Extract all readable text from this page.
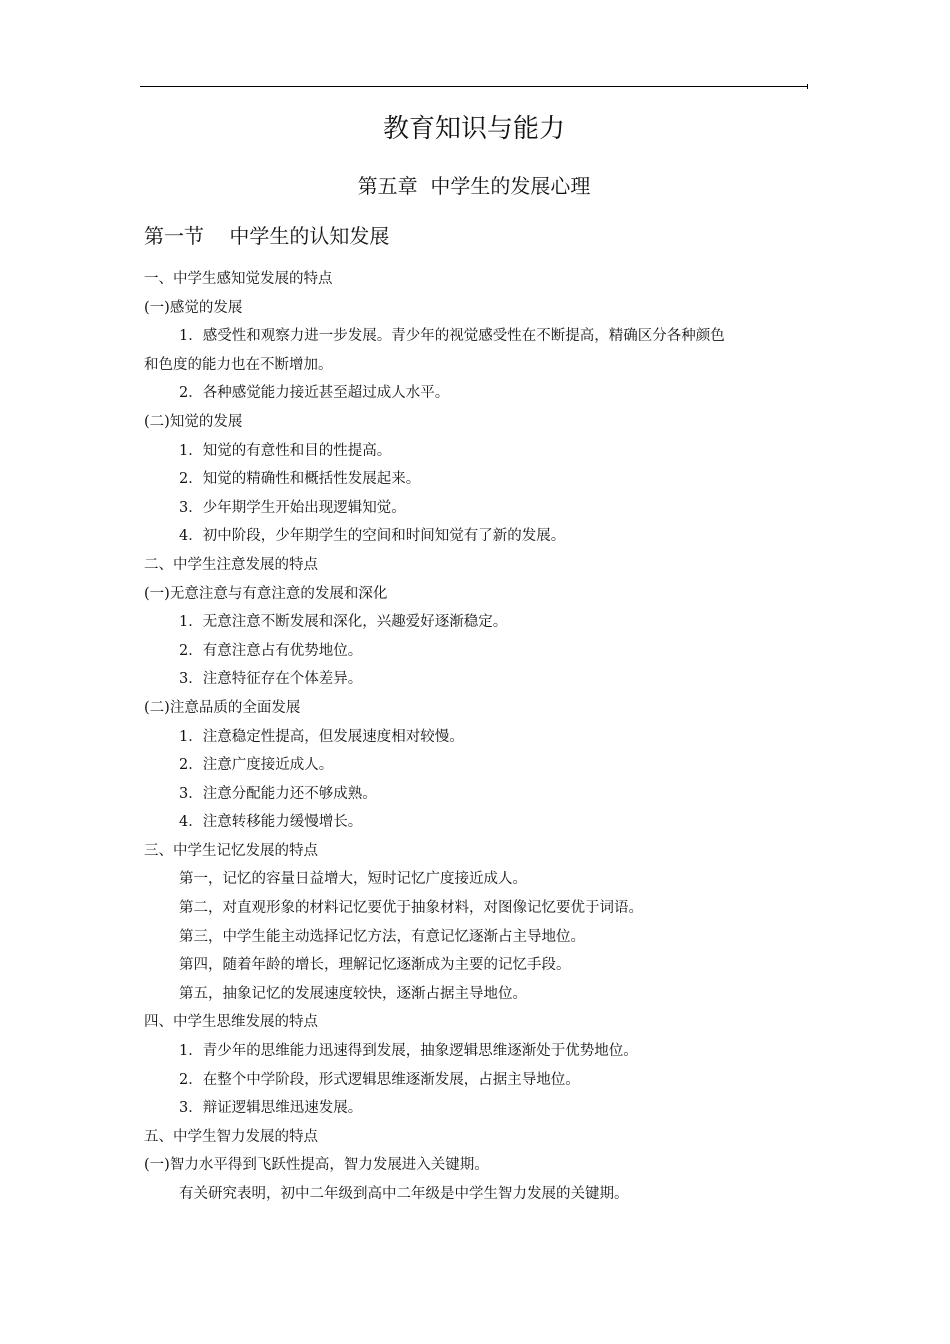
教育知识与能力
第五章  中学生的发展心理
第一节    中学生的认知发展
一、中学生感知觉发展的特点
(一)感觉的发展
1．感受性和观察力进一步发展。青少年的视觉感受性在不断提高，精确区分各种颜色
和色度的能力也在不断增加。
2．各种感觉能力接近甚至超过成人水平。
(二)知觉的发展
1．知觉的有意性和目的性提高。
2．知觉的精确性和概括性发展起来。
3．少年期学生开始出现逻辑知觉。
4．初中阶段，少年期学生的空间和时间知觉有了新的发展。
二、中学生注意发展的特点
(一)无意注意与有意注意的发展和深化
1．无意注意不断发展和深化，兴趣爱好逐渐稳定。
2．有意注意占有优势地位。
3．注意特征存在个体差异。
(二)注意品质的全面发展
1．注意稳定性提高，但发展速度相对较慢。
2．注意广度接近成人。
3．注意分配能力还不够成熟。
4．注意转移能力缓慢增长。
三、中学生记忆发展的特点
第一，记忆的容量日益增大，短时记忆广度接近成人。
第二，对直观形象的材料记忆要优于抽象材料，对图像记忆要优于词语。
第三，中学生能主动选择记忆方法，有意记忆逐渐占主导地位。
第四，随着年龄的增长，理解记忆逐渐成为主要的记忆手段。
第五，抽象记忆的发展速度较快，逐渐占据主导地位。
四、中学生思维发展的特点
1．青少年的思维能力迅速得到发展，抽象逻辑思维逐渐处于优势地位。
2．在整个中学阶段，形式逻辑思维逐渐发展，占据主导地位。
3．辩证逻辑思维迅速发展。
五、中学生智力发展的特点
(一)智力水平得到飞跃性提高，智力发展进入关键期。
有关研究表明，初中二年级到高中二年级是中学生智力发展的关键期。
